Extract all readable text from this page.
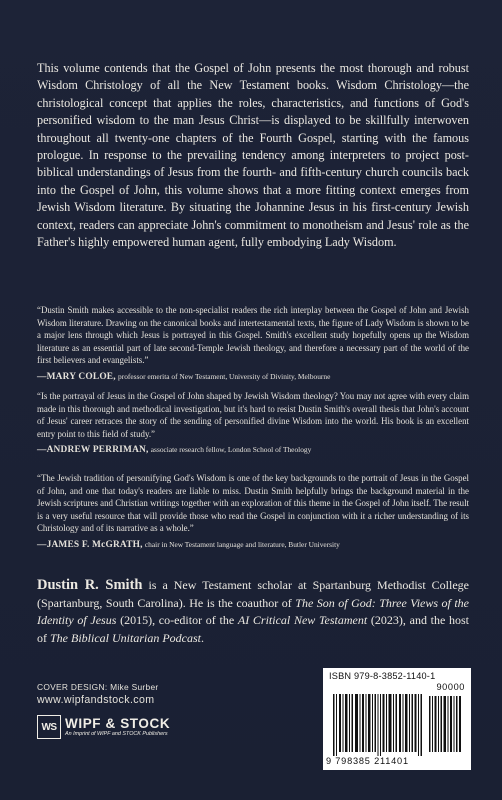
This volume contends that the Gospel of John presents the most thorough and robust Wisdom Christology of all the New Testament books. Wisdom Christology—the christological concept that applies the roles, characteristics, and functions of God's personified wisdom to the man Jesus Christ—is displayed to be skillfully interwoven throughout all twenty-one chapters of the Fourth Gospel, starting with the famous prologue. In response to the prevailing tendency among interpreters to project post-biblical understandings of Jesus from the fourth- and fifth-century church councils back into the Gospel of John, this volume shows that a more fitting context emerges from Jewish Wisdom literature. By situating the Johannine Jesus in his first-century Jewish context, readers can appreciate John's commitment to monotheism and Jesus' role as the Father's highly empowered human agent, fully embodying Lady Wisdom.

“Dustin Smith makes accessible to the non-specialist readers the rich interplay between the Gospel of John and Jewish Wisdom literature. Drawing on the canonical books and intertestamental texts, the figure of Lady Wisdom is shown to be a major lens through which Jesus is portrayed in this Gospel. Smith's excellent study hopefully opens up the Wisdom literature as an essential part of late second-Temple Jewish theology, and therefore a necessary part of the world of the first believers and evangelists.”
—MARY COLOE, professor emerita of New Testament, University of Divinity, Melbourne
“Is the portrayal of Jesus in the Gospel of John shaped by Jewish Wisdom theology? You may not agree with every claim made in this thorough and methodical investigation, but it's hard to resist Dustin Smith's overall thesis that John's account of Jesus' career retraces the story of the sending of personified divine Wisdom into the world. His book is an excellent entry point to this field of study.”
—ANDREW PERRIMAN, associate research fellow, London School of Theology
“The Jewish tradition of personifying God's Wisdom is one of the key backgrounds to the portrait of Jesus in the Gospel of John, and one that today's readers are liable to miss. Dustin Smith helpfully brings the background material in the Jewish scriptures and Christian writings together with an exploration of this theme in the Gospel of John itself. The result is a very useful resource that will provide those who read the Gospel in conjunction with it a richer understanding of its Christology and of its narrative as a whole.”
—JAMES F. McGRATH, chair in New Testament language and literature, Butler University

Dustin R. Smith is a New Testament scholar at Spartanburg Methodist College (Spartanburg, South Carolina). He is the coauthor of The Son of God: Three Views of the Identity of Jesus (2015), co-editor of the AI Critical New Testament (2023), and the host of The Biblical Unitarian Podcast.

COVER DESIGN: Mike Surber
www.wipfandstock.com
WS WIPF & STOCK
An Imprint of WIPF and STOCK Publishers
ISBN 979-8-3852-1140-1
90000
9 798385 211401
